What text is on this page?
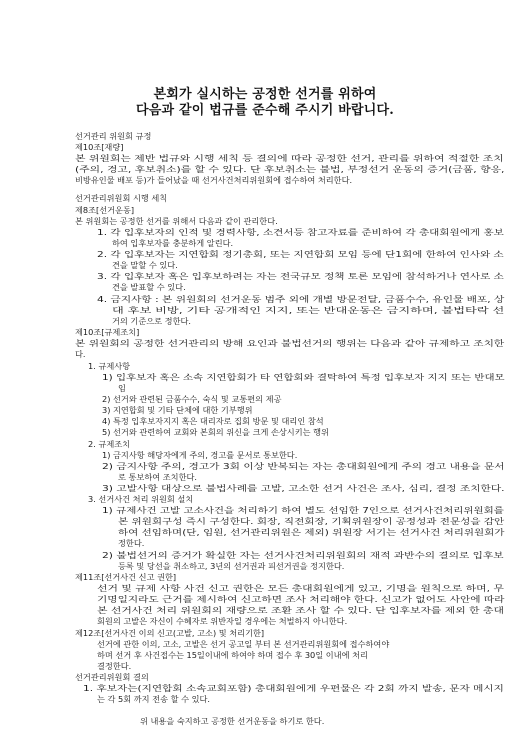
본회가 실시하는 공정한 선거를 위하여
다음과 같이 법규를 준수해 주시기 바랍니다.
선거관리 위원회 규정
제10조[재량]
본 위원회는 제반 법규와 시행 세칙 등 결의에 따라 공정한 선거, 관리를 위하여 적절한 조치
(주의, 경고, 후보취소)를 할 수 있다. 단 후보취소는 불법, 부정선거 운동의 증거(금품, 향응,
비방유인물 배포 등)가 들어났을 때 선거사건처리위원회에 접수하여 처리한다.
선거관리위원회 시행 세칙
제8조[선거운동]
본 위원회는 공정한 선거를 위해서 다음과 같이 관리한다.
1. 각 입후보자의 인적 및 경력사항, 소견서등 참고자료를 준비하여 각 총대회원에게 홍보
하여 입후보자를 충분하게 알린다.
2. 각 입후보자는 지연합회 정기총회, 또는 지연합회 모임 등에 단1회에 한하여 인사와 소
견을 말할 수 있다.
3. 각 입후보자 혹은 입후보하려는 자는 전국규모 정책 토론 모임에 참석하거나 연사로 소
견을 발표할 수 있다.
4. 금지사항 : 본 위원회의 선거운동 범주 외에 개별 방문전달, 금품수수, 유인물 배포, 상
대 후보 비방, 기타 공개적인 지지, 또는 반대운동은 금지하며, 불법타락 선
거의 기준으로 정한다.
제10조[규제조치]
본 위원회의 공정한 선거관리의 방해 요인과 불법선거의 행위는 다음과 같아 규제하고 조치한
다.
1. 규제사항
1) 입후보자 혹은 소속 지연합회가 타 연합회와 결탁하여 특정 입후보자 지지 또는 반대모
임
2) 선거와 관련된 금품수수, 숙식 및 교통편의 제공
3) 지연합회 및 기타 단체에 대한 기부행위
4) 특정 입후보자지지 혹은 대리자로 집회 방문 및 대리인 참석
5) 선거와 관련하여 교회와 본회의 위신을 크게 손상시키는 행위
2. 규제조치
1) 금지사항 해당자에게 주의, 경고를 문서로 통보한다.
2) 금지사항 주의, 경고가 3회 이상 반복되는 자는 총대회원에게 주의 경고 내용을 문서
로 통보하여 조치한다.
3) 고발사항 대상으로 불법사례를 고발, 고소한 선거 사건은 조사, 심리, 결정 조치한다.
3. 선거사건 처리 위원회 설치
1) 규제사건 고발 고소사건을 처리하기 하여 별도 선임한 7인으로 선거사건처리위원회를
본 위원회구성 즉시 구성한다. 회장, 직전회장, 기획위원장이 공정성과 전문성을 감안
하여 선임하며(단, 임원, 선거관리위원은 제외) 위원장 서기는 선거사건 처리위원회가
정한다.
2) 불법선거의 증거가 확실한 자는 선거사건처리위원회의 재적 과반수의 결의로 입후보
등록 및 당선을 취소하고, 3년의 선거권과 피선거권을 정지한다.
제11조[선거사건 신고 권한]
선거 및 규제 사항 사건 신고 권한은 모든 총대회원에게 있고, 기명을 원칙으로 하며, 무
기명일지라도 근거를 제시하여 신고하면 조사 처리해야 한다. 신고가 없어도 사안에 따라
본 선거사건 처리 위원회의 재량으로 조환 조사 할 수 있다. 단 입후보자를 제외 한 총대
회원의 고발은 자신이 수혜자로 위반자일 경우에는 처벌하지 아니한다.
제12조[선거사건 이의 신고(고발, 고소) 및 처리기한]
선거에 관한 이의, 고소, 고발은 선거 공고일 부터 본 선거관리위원회에 접수하여야
하며 선거 후 사건접수는 15일이내에 하여야 하며 접수 후 30일 이내에 처리
결정한다.
선거관리위원회 결의
1. 후보자는(지연합회 소속교회포함) 총대회원에게 우편물은 각 2회 까지 발송, 문자 메시지
는 각 5회 까지 전송 할 수 있다.
위 내용을 숙지하고 공정한 선거운동을 하기로 한다.
